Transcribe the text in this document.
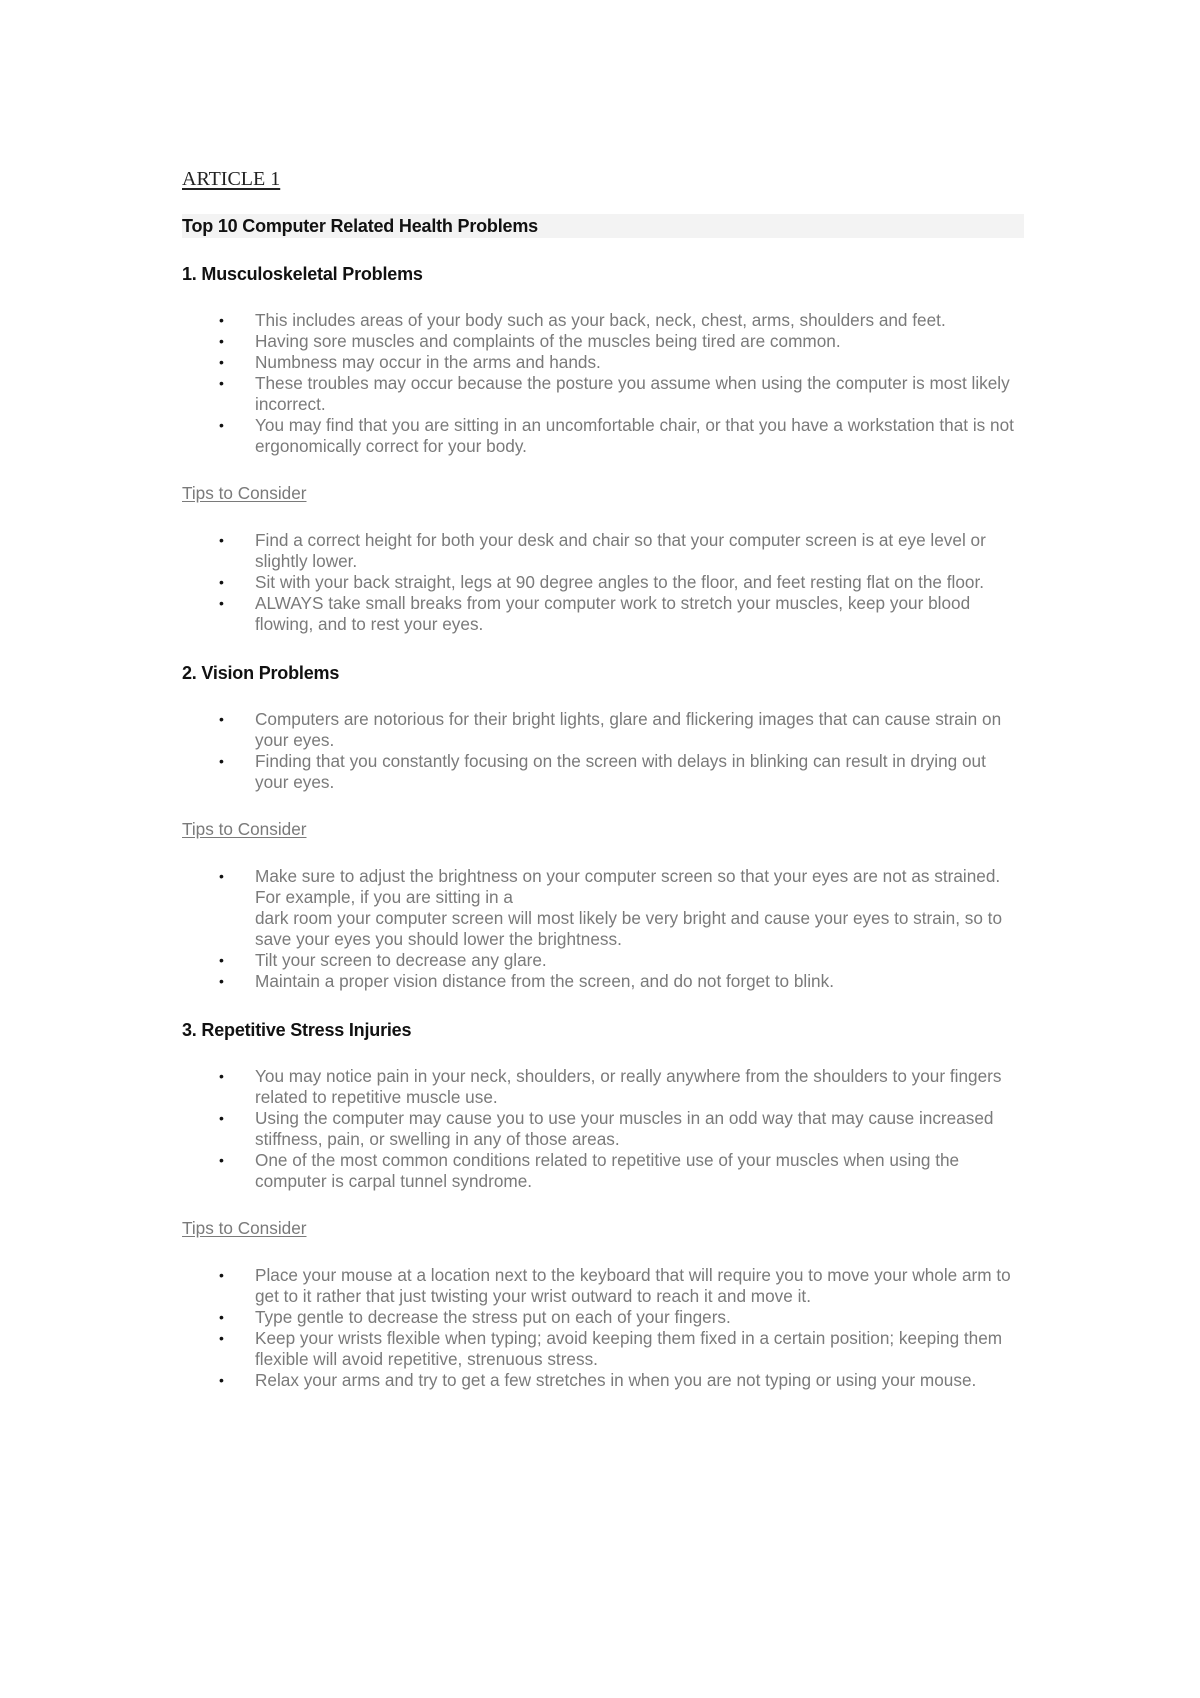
ARTICLE 1
Top 10 Computer Related Health Problems
1. Musculoskeletal Problems
• This includes areas of your body such as your back, neck, chest, arms, shoulders and feet.
• Having sore muscles and complaints of the muscles being tired are common.
• Numbness may occur in the arms and hands.
• These troubles may occur because the posture you assume when using the computer is most likely incorrect.
• You may find that you are sitting in an uncomfortable chair, or that you have a workstation that is not ergonomically correct for your body.
Tips to Consider
• Find a correct height for both your desk and chair so that your computer screen is at eye level or slightly lower.
• Sit with your back straight, legs at 90 degree angles to the floor, and feet resting flat on the floor.
• ALWAYS take small breaks from your computer work to stretch your muscles, keep your blood flowing, and to rest your eyes.
2. Vision Problems
• Computers are notorious for their bright lights, glare and flickering images that can cause strain on your eyes.
• Finding that you constantly focusing on the screen with delays in blinking can result in drying out your eyes.
Tips to Consider
• Make sure to adjust the brightness on your computer screen so that your eyes are not as strained. For example, if you are sitting in a
dark room your computer screen will most likely be very bright and cause your eyes to strain, so to save your eyes you should lower the brightness.
• Tilt your screen to decrease any glare.
• Maintain a proper vision distance from the screen, and do not forget to blink.
3. Repetitive Stress Injuries
• You may notice pain in your neck, shoulders, or really anywhere from the shoulders to your fingers related to repetitive muscle use.
• Using the computer may cause you to use your muscles in an odd way that may cause increased stiffness, pain, or swelling in any of those areas.
• One of the most common conditions related to repetitive use of your muscles when using the computer is carpal tunnel syndrome.
Tips to Consider
• Place your mouse at a location next to the keyboard that will require you to move your whole arm to get to it rather that just twisting your wrist outward to reach it and move it.
• Type gentle to decrease the stress put on each of your fingers.
• Keep your wrists flexible when typing; avoid keeping them fixed in a certain position; keeping them flexible will avoid repetitive, strenuous stress.
• Relax your arms and try to get a few stretches in when you are not typing or using your mouse.
